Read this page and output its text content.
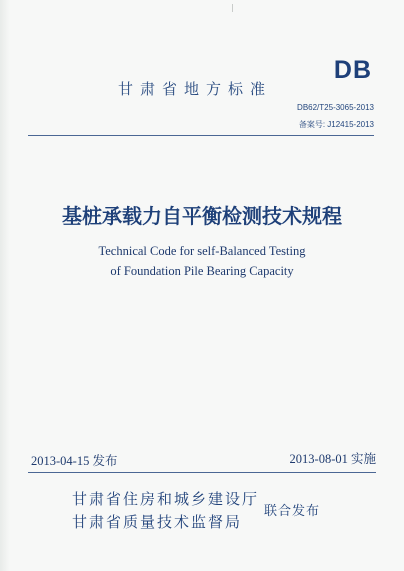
甘肃省地方标准
DB
DB62/T25-3065-2013
备案号: J12415-2013
基桩承载力自平衡检测技术规程
Technical Code for self-Balanced Testing
of Foundation Pile Bearing Capacity
2013-04-15 发布	2013-08-01 实施
甘肃省住房和城乡建设厅
甘肃省质量技术监督局
联合发布
